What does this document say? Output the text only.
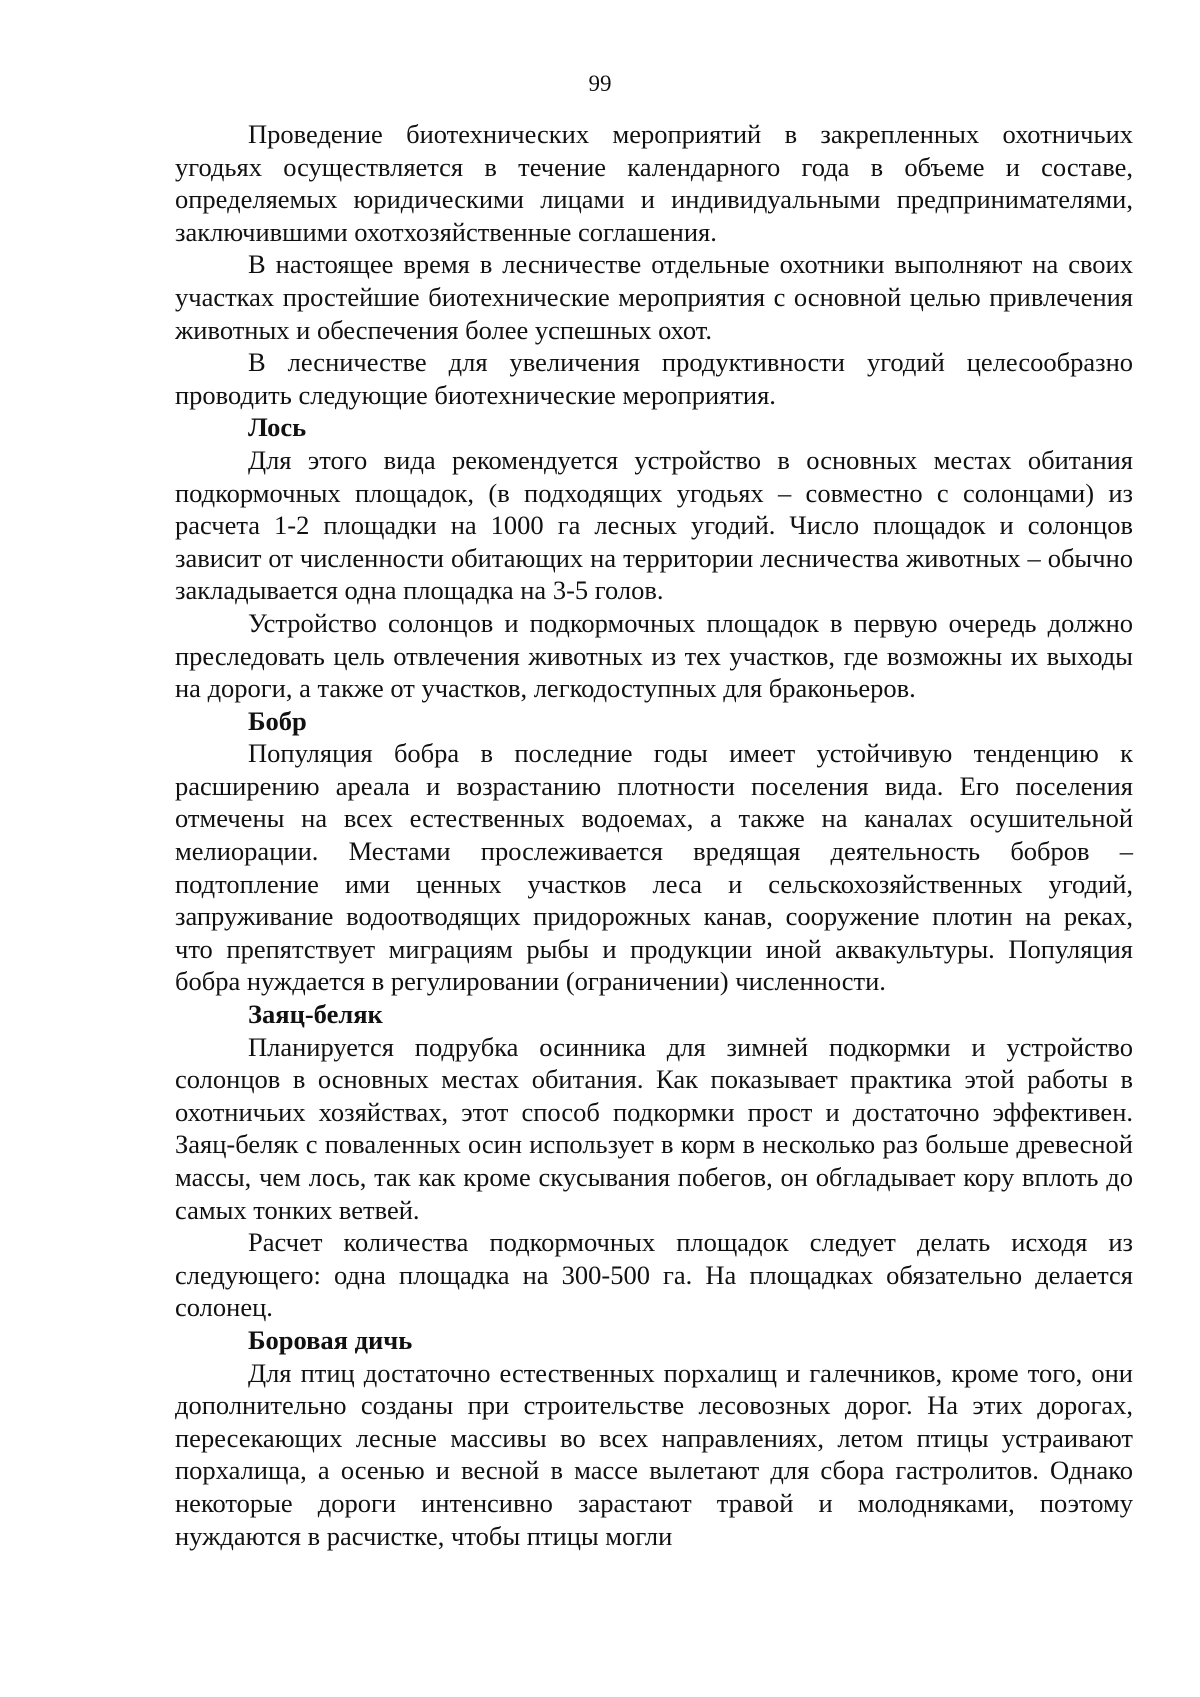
99

Проведение биотехнических мероприятий в закрепленных охотничьих угодьях осуществляется в течение календарного года в объеме и составе, определяемых юридическими лицами и индивидуальными предпринимателями, заключившими охотхозяйственные соглашения.

В настоящее время в лесничестве отдельные охотники выполняют на своих участках простейшие биотехнические мероприятия с основной целью привлечения животных и обеспечения более успешных охот.

В лесничестве для увеличения продуктивности угодий целесообразно проводить следующие биотехнические мероприятия.

Лось

Для этого вида рекомендуется устройство в основных местах обитания подкормочных площадок, (в подходящих угодьях – совместно с солонцами) из расчета 1-2 площадки на 1000 га лесных угодий. Число площадок и солонцов зависит от численности обитающих на территории лесничества животных – обычно закладывается одна площадка на 3-5 голов.

Устройство солонцов и подкормочных площадок в первую очередь должно преследовать цель отвлечения животных из тех участков, где возможны их выходы на дороги, а также от участков, легкодоступных для браконьеров.

Бобр

Популяция бобра в последние годы имеет устойчивую тенденцию к расширению ареала и возрастанию плотности поселения вида. Его поселения отмечены на всех естественных водоемах, а также на каналах осушительной мелиорации. Местами прослеживается вредящая деятельность бобров – подтопление ими ценных участков леса и сельскохозяйственных угодий, запруживание водоотводящих придорожных канав, сооружение плотин на реках, что препятствует миграциям рыбы и продукции иной аквакультуры. Популяция бобра нуждается в регулировании (ограничении) численности.

Заяц-беляк

Планируется подрубка осинника для зимней подкормки и устройство солонцов в основных местах обитания. Как показывает практика этой работы в охотничьих хозяйствах, этот способ подкормки прост и достаточно эффективен. Заяц-беляк с поваленных осин использует в корм в несколько раз больше древесной массы, чем лось, так как кроме скусывания побегов, он обгладывает кору вплоть до самых тонких ветвей.

Расчет количества подкормочных площадок следует делать исходя из следующего: одна площадка на 300-500 га. На площадках обязательно делается солонец.

Боровая дичь

Для птиц достаточно естественных порхалищ и галечников, кроме того, они дополнительно созданы при строительстве лесовозных дорог. На этих дорогах, пересекающих лесные массивы во всех направлениях, летом птицы устраивают порхалища, а осенью и весной в массе вылетают для сбора гастролитов. Однако некоторые дороги интенсивно зарастают травой и молодняками, поэтому нуждаются в расчистке, чтобы птицы могли
